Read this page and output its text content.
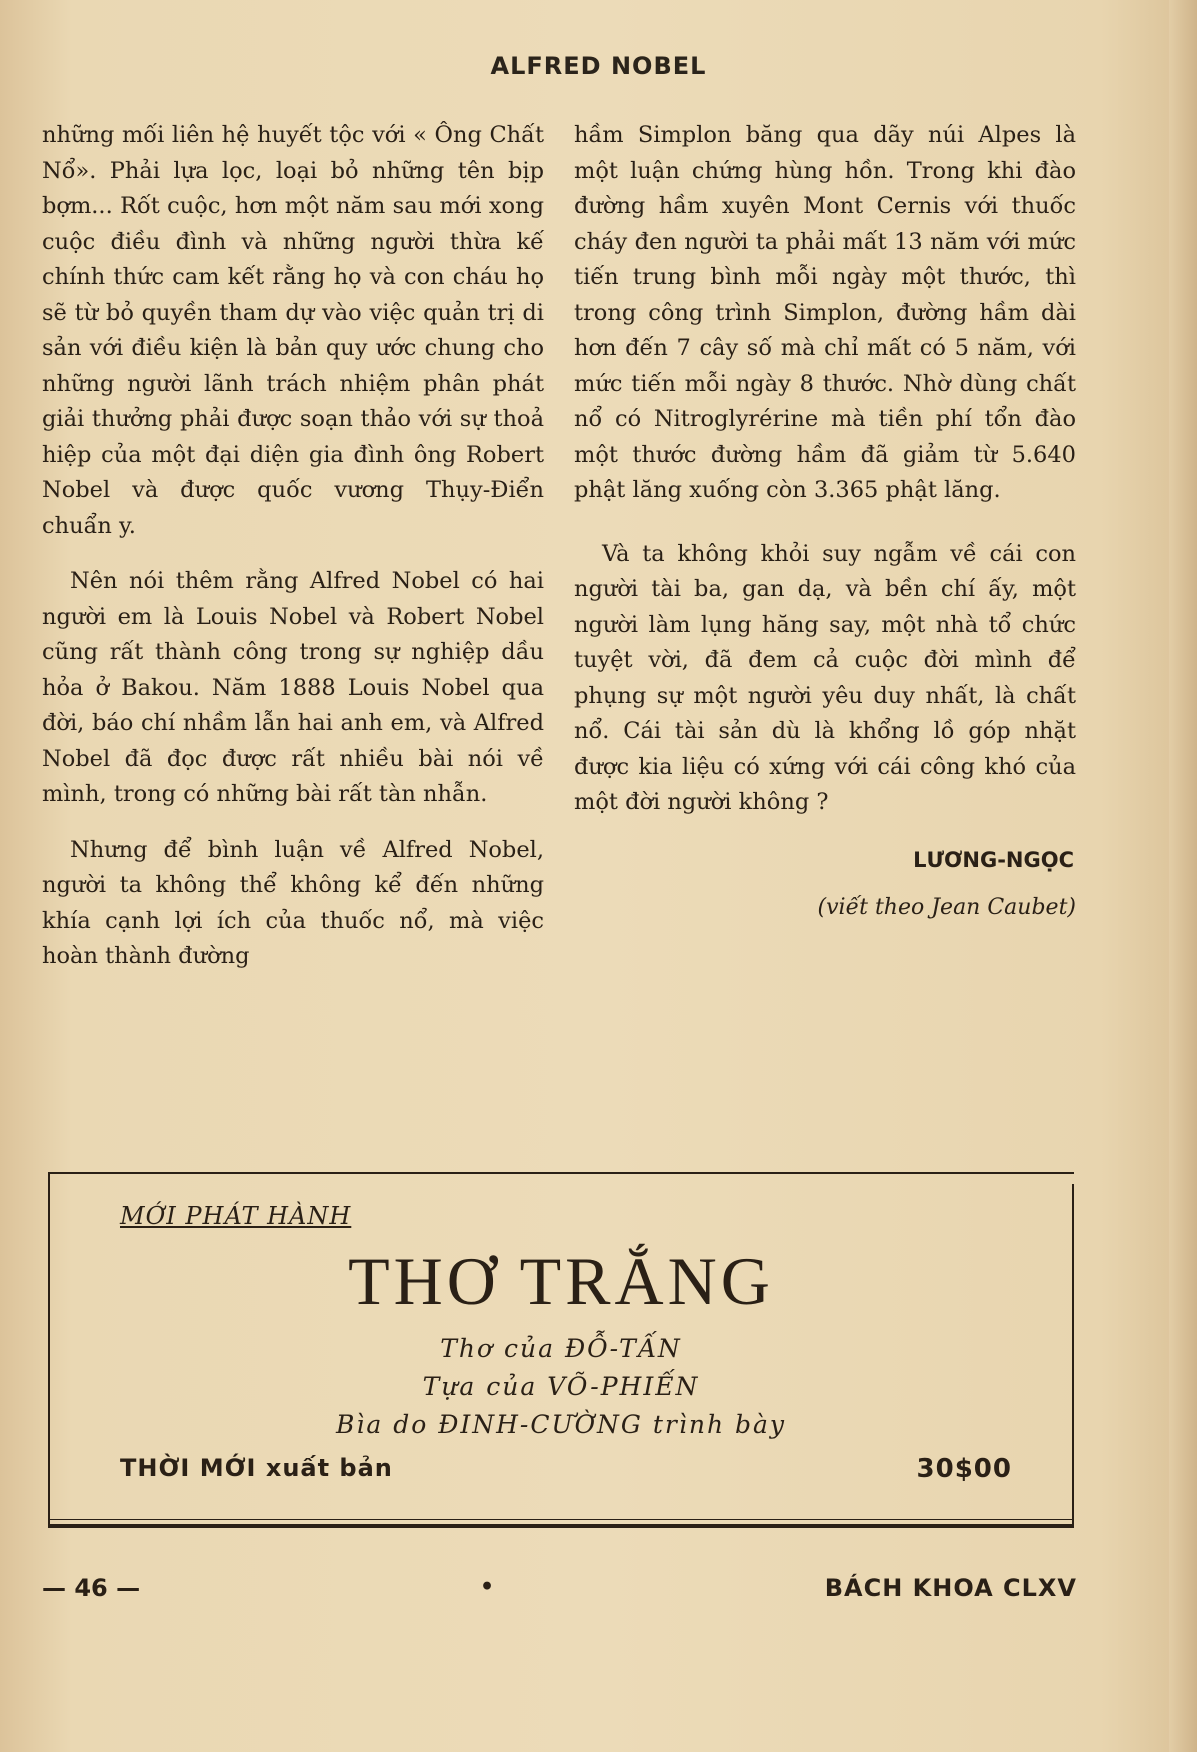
ALFRED NOBEL

những mối liên hệ huyết tộc với « Ông Chất Nổ». Phải lựa lọc, loại bỏ những tên bịp bợm... Rốt cuộc, hơn một năm sau mới xong cuộc điều đình và những người thừa kế chính thức cam kết rằng họ và con cháu họ sẽ từ bỏ quyền tham dự vào việc quản trị di sản với điều kiện là bản quy ước chung cho những người lãnh trách nhiệm phân phát giải thưởng phải được soạn thảo với sự thoả hiệp của một đại diện gia đình ông Robert Nobel và được quốc vương Thụy-Điển chuẩn y.

Nên nói thêm rằng Alfred Nobel có hai người em là Louis Nobel và Robert Nobel cũng rất thành công trong sự nghiệp dầu hỏa ở Bakou. Năm 1888 Louis Nobel qua đời, báo chí nhầm lẫn hai anh em, và Alfred Nobel đã đọc được rất nhiều bài nói về mình, trong có những bài rất tàn nhẫn.

Nhưng để bình luận về Alfred Nobel, người ta không thể không kể đến những khía cạnh lợi ích của thuốc nổ, mà việc hoàn thành đường

hầm Simplon băng qua dãy núi Alpes là một luận chứng hùng hồn. Trong khi đào đường hầm xuyên Mont Cernis với thuốc cháy đen người ta phải mất 13 năm với mức tiến trung bình mỗi ngày một thước, thì trong công trình Simplon, đường hầm dài hơn đến 7 cây số mà chỉ mất có 5 năm, với mức tiến mỗi ngày 8 thước. Nhờ dùng chất nổ có Nitroglyrérine mà tiền phí tổn đào một thước đường hầm đã giảm từ 5.640 phật lăng xuống còn 3.365 phật lăng.

Và ta không khỏi suy ngẫm về cái con người tài ba, gan dạ, và bền chí ấy, một người làm lụng hăng say, một nhà tổ chức tuyệt vời, đã đem cả cuộc đời mình để phụng sự một người yêu duy nhất, là chất nổ. Cái tài sản dù là khổng lồ góp nhặt được kia liệu có xứng với cái công khó của một đời người không ?

LƯƠNG-NGỌC
(viết theo Jean Caubet)
MỚI PHÁT HÀNH
THƠ TRẮNG
Thơ của ĐỖ-TẤN
Tựa của VÕ-PHIẾN
Bìa do ĐINH-CƯỜNG trình bày
THỜI MỚI xuất bản	30$00
— 46 —	•	BÁCH KHOA CLXV
